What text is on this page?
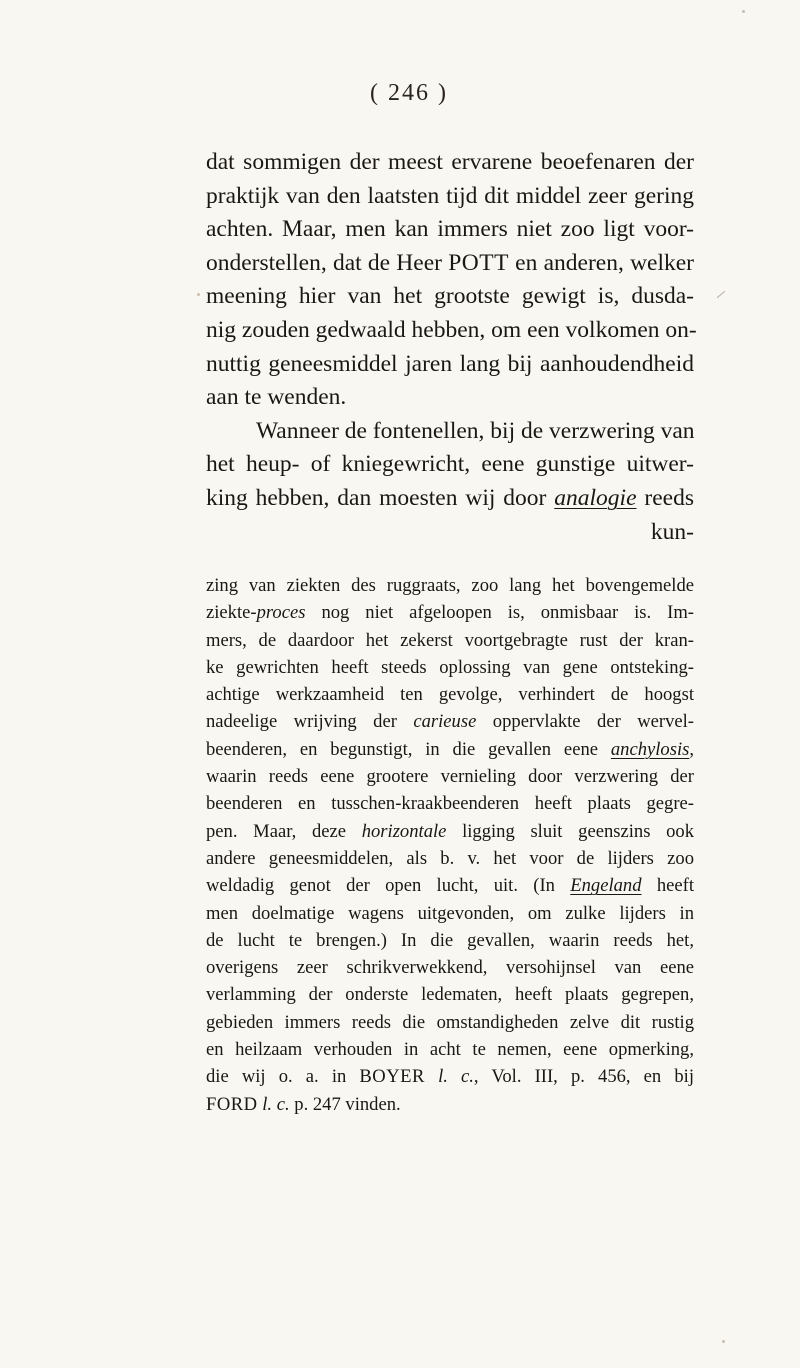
( 246 )
dat sommigen der meest ervarene beoefenaren der
praktijk van den laatsten tijd dit middel zeer gering
achten. Maar, men kan immers niet zoo ligt voor-
onderstellen, dat de Heer POTT en anderen, welker
meening hier van het grootste gewigt is, dusda-
nig zouden gedwaald hebben, om een volkomen on-
nuttig geneesmiddel jaren lang bij aanhoudendheid
aan te wenden.
Wanneer de fontenellen, bij de verzwering van
het heup- of kniegewricht, eene gunstige uitwer-
king hebben, dan moesten wij door analogie reeds
kun-
zing van ziekten des ruggraats, zoo lang het bovengemelde
ziekte-proces nog niet afgeloopen is, onmisbaar is. Im-
mers, de daardoor het zekerst voortgebragte rust der kran-
ke gewrichten heeft steeds oplossing van gene ontsteking-
achtige werkzaamheid ten gevolge, verhindert de hoogst
nadeelige wrijving der carieuse oppervlakte der wervel-
beenderen, en begunstigt, in die gevallen eene anchylosis,
waarin reeds eene grootere vernieling door verzwering der
beenderen en tusschen-kraakbeenderen heeft plaats gegre-
pen. Maar, deze horizontale ligging sluit geenszins ook
andere geneesmiddelen, als b. v. het voor de lijders zoo
weldadig genot der open lucht, uit. (In Engeland heeft
men doelmatige wagens uitgevonden, om zulke lijders in
de lucht te brengen.) In die gevallen, waarin reeds het,
overigens zeer schrikverwekkend, versohijnsel van eene
verlamming der onderste ledematen, heeft plaats gegrepen,
gebieden immers reeds die omstandigheden zelve dit rustig
en heilzaam verhouden in acht te nemen, eene opmerking,
die wij o. a. in BOYER l. c., Vol. III, p. 456, en bij
FORD l. c. p. 247 vinden.
